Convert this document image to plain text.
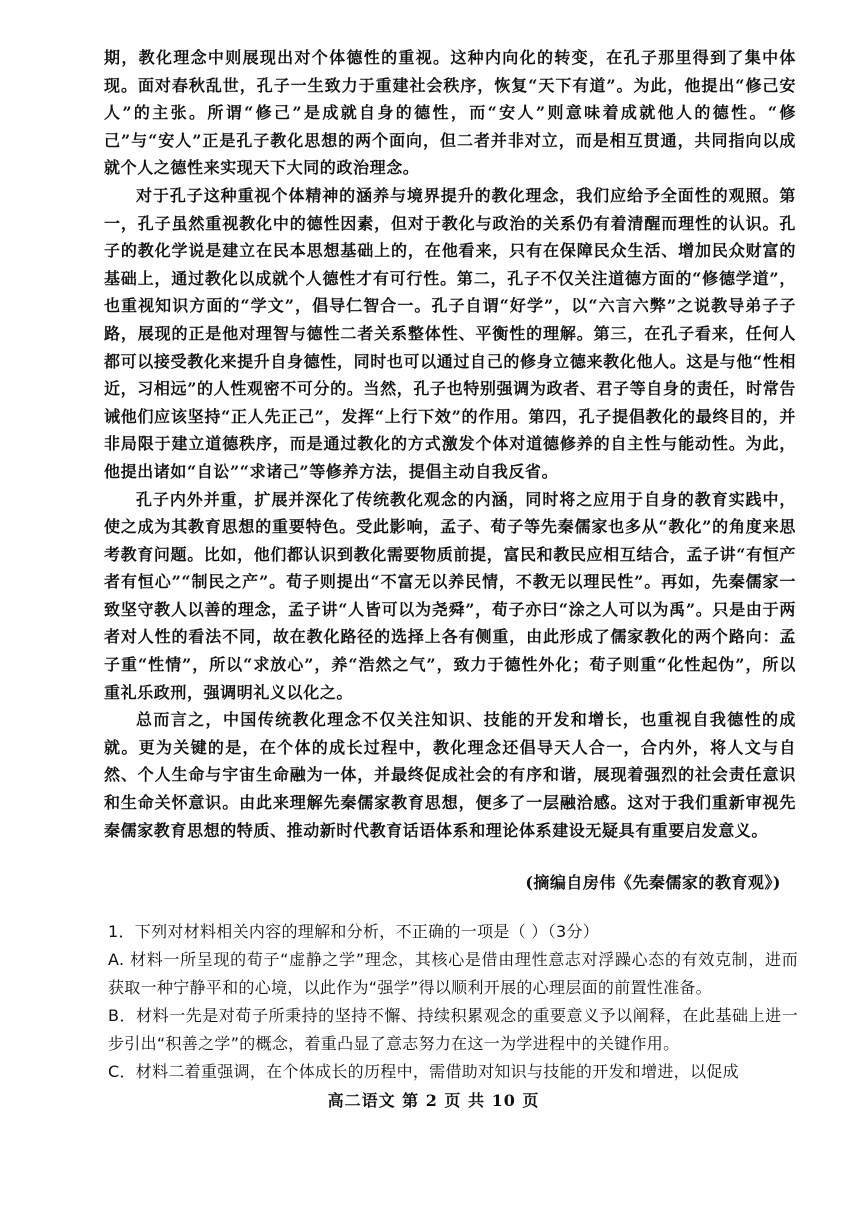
期，教化理念中则展现出对个体德性的重视。这种内向化的转变，在孔子那里得到了集中体现。面对春秋乱世，孔子一生致力于重建社会秩序，恢复“天下有道”。为此，他提出“修己安人”的主张。所谓“修己”是成就自身的德性，而“安人”则意味着成就他人的德性。“修己”与“安人”正是孔子教化思想的两个面向，但二者并非对立，而是相互贯通，共同指向以成就个人之德性来实现天下大同的政治理念。

对于孔子这种重视个体精神的涵养与境界提升的教化理念，我们应给予全面性的观照。第一，孔子虽然重视教化中的德性因素，但对于教化与政治的关系仍有着清醒而理性的认识。孔子的教化学说是建立在民本思想基础上的，在他看来，只有在保障民众生活、增加民众财富的基础上，通过教化以成就个人德性才有可行性。第二，孔子不仅关注道德方面的“修德学道”，也重视知识方面的“学文”，倡导仁智合一。孔子自谓“好学”，以“六言六弊”之说教导弟子子路，展现的正是他对理智与德性二者关系整体性、平衡性的理解。第三，在孔子看来，任何人都可以接受教化来提升自身德性，同时也可以通过自己的修身立德来教化他人。这是与他“性相近，习相远”的人性观密不可分的。当然，孔子也特别强调为政者、君子等自身的责任，时常告诫他们应该坚持“正人先正己”，发挥“上行下效”的作用。第四，孔子提倡教化的最终目的，并非局限于建立道德秩序，而是通过教化的方式激发个体对道德修养的自主性与能动性。为此，他提出诸如“自讼”“求诸己”等修养方法，提倡主动自我反省。

孔子内外并重，扩展并深化了传统教化观念的内涵，同时将之应用于自身的教育实践中，使之成为其教育思想的重要特色。受此影响，孟子、荀子等先秦儒家也多从“教化”的角度来思考教育问题。比如，他们都认识到教化需要物质前提，富民和教民应相互结合，孟子讲“有恒产者有恒心”“制民之产”。荀子则提出“不富无以养民情，不教无以理民性”。再如，先秦儒家一致坚守教人以善的理念，孟子讲“人皆可以为尧舜”，荀子亦曰“涂之人可以为禹”。只是由于两者对人性的看法不同，故在教化路径的选择上各有侧重，由此形成了儒家教化的两个路向：孟子重“性情”，所以“求放心”，养“浩然之气”，致力于德性外化；荀子则重“化性起伪”，所以重礼乐政刑，强调明礼义以化之。

总而言之，中国传统教化理念不仅关注知识、技能的开发和增长，也重视自我德性的成就。更为关键的是，在个体的成长过程中，教化理念还倡导天人合一，合内外，将人文与自然、个人生命与宇宙生命融为一体，并最终促成社会的有序和谐，展现着强烈的社会责任意识和生命关怀意识。由此来理解先秦儒家教育思想，便多了一层融洽感。这对于我们重新审视先秦儒家教育思想的特质、推动新时代教育话语体系和理论体系建设无疑具有重要启发意义。

(摘编自房伟《先秦儒家的教育观》)

1．下列对材料相关内容的理解和分析，不正确的一项是（ ）（3分）

A. 材料一所呈现的荀子“虚静之学”理念，其核心是借由理性意志对浮躁心态的有效克制，进而获取一种宁静平和的心境，以此作为“强学”得以顺利开展的心理层面的前置性准备。

B．材料一先是对荀子所秉持的坚持不懈、持续积累观念的重要意义予以阐释，在此基础上进一步引出“积善之学”的概念，着重凸显了意志努力在这一为学进程中的关键作用。

C．材料二着重强调，在个体成长的历程中，需借助对知识与技能的开发和增进，以促成

高二语文 第 2 页 共 10 页
